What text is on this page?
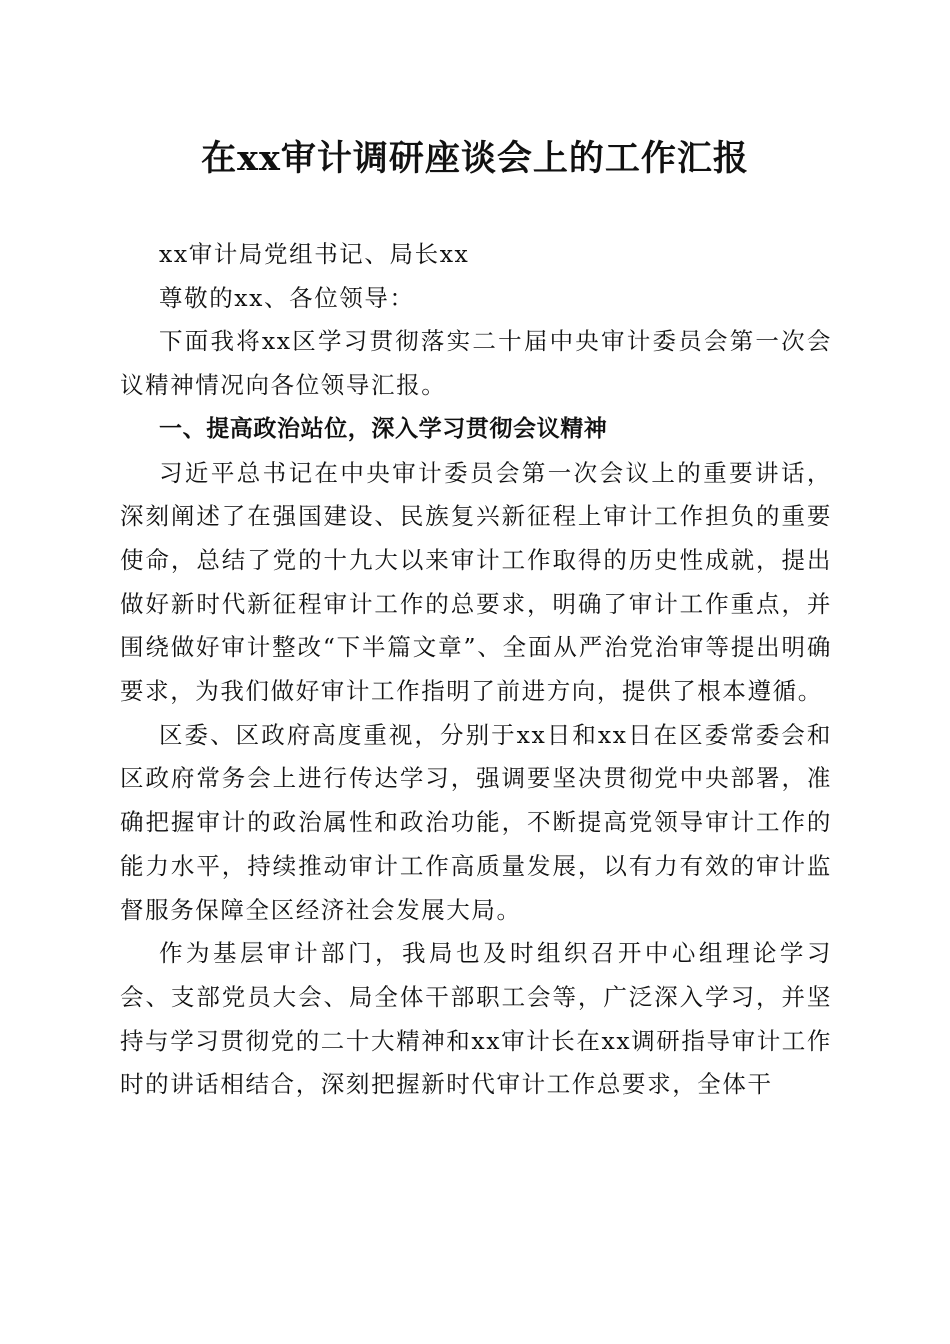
在xx审计调研座谈会上的工作汇报

xx审计局党组书记、局长xx

尊敬的xx、各位领导：

下面我将xx区学习贯彻落实二十届中央审计委员会第一次会议精神情况向各位领导汇报。

一、提高政治站位，深入学习贯彻会议精神

习近平总书记在中央审计委员会第一次会议上的重要讲话，深刻阐述了在强国建设、民族复兴新征程上审计工作担负的重要使命，总结了党的十九大以来审计工作取得的历史性成就，提出做好新时代新征程审计工作的总要求，明确了审计工作重点，并围绕做好审计整改“下半篇文章”、全面从严治党治审等提出明确要求，为我们做好审计工作指明了前进方向，提供了根本遵循。

区委、区政府高度重视，分别于xx日和xx日在区委常委会和区政府常务会上进行传达学习，强调要坚决贯彻党中央部署，准确把握审计的政治属性和政治功能，不断提高党领导审计工作的能力水平，持续推动审计工作高质量发展，以有力有效的审计监督服务保障全区经济社会发展大局。

作为基层审计部门，我局也及时组织召开中心组理论学习会、支部党员大会、局全体干部职工会等，广泛深入学习，并坚持与学习贯彻党的二十大精神和xx审计长在xx调研指导审计工作时的讲话相结合，深刻把握新时代审计工作总要求，全体干
